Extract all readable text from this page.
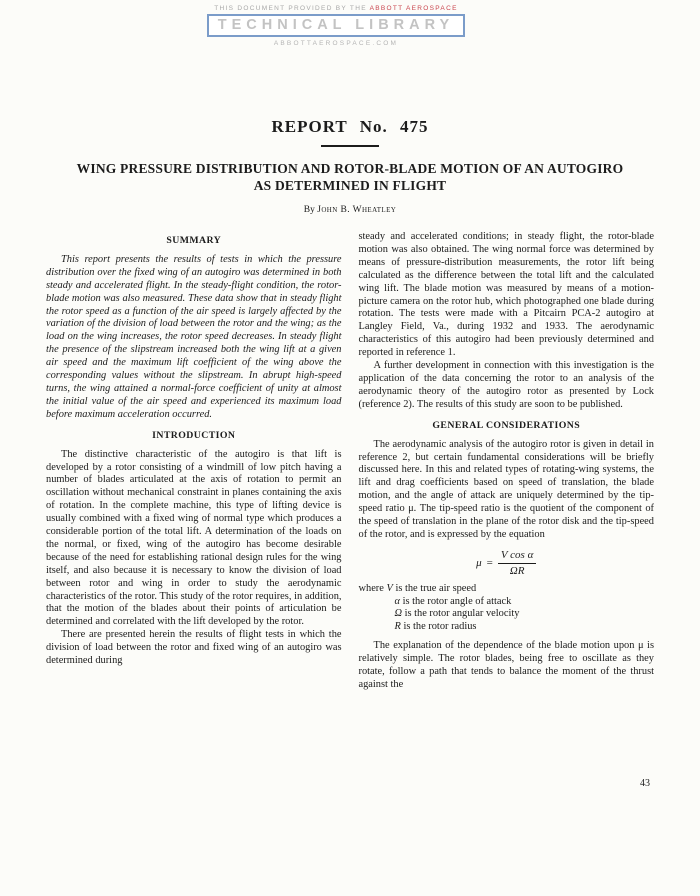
THIS DOCUMENT PROVIDED BY THE ABBOTT AEROSPACE
TECHNICAL LIBRARY
ABBOTTAEROSPACE.COM
REPORT No. 475
WING PRESSURE DISTRIBUTION AND ROTOR-BLADE MOTION OF AN AUTOGIRO
AS DETERMINED IN FLIGHT
By John B. Wheatley
SUMMARY

This report presents the results of tests in which the pressure distribution over the fixed wing of an autogiro was determined in both steady and accelerated flight. In the steady-flight condition, the rotor-blade motion was also measured. These data show that in steady flight the rotor speed as a function of the air speed is largely affected by the variation of the division of load between the rotor and the wing; as the load on the wing increases, the rotor speed decreases. In steady flight the presence of the slipstream increased both the wing lift at a given air speed and the maximum lift coefficient of the wing above the corresponding values without the slipstream. In abrupt high-speed turns, the wing attained a normal-force coefficient of unity at almost the initial value of the air speed and experienced its maximum load before maximum acceleration occurred.

INTRODUCTION

The distinctive characteristic of the autogiro is that lift is developed by a rotor consisting of a windmill of low pitch having a number of blades articulated at the axis of rotation to permit an oscillation without mechanical constraint in planes containing the axis of rotation. In the complete machine, this type of lifting device is usually combined with a fixed wing of normal type which produces a considerable portion of the total lift. A determination of the loads on the normal, or fixed, wing of the autogiro has become desirable because of the need for establishing rational design rules for the wing itself, and also because it is necessary to know the division of load between rotor and wing in order to study the aerodynamic characteristics of the rotor. This study of the rotor requires, in addition, that the motion of the blades about their points of articulation be determined and correlated with the lift developed by the rotor.

There are presented herein the results of flight tests in which the division of load between the rotor and fixed wing of an autogiro was determined during

steady and accelerated conditions; in steady flight, the rotor-blade motion was also obtained. The wing normal force was determined by means of pressure-distribution measurements, the rotor lift being calculated as the difference between the total lift and the calculated wing lift. The blade motion was measured by means of a motion-picture camera on the rotor hub, which photographed one blade during rotation. The tests were made with a Pitcairn PCA-2 autogiro at Langley Field, Va., during 1932 and 1933. The aerodynamic characteristics of this autogiro had been previously determined and reported in reference 1.

A further development in connection with this investigation is the application of the data concerning the rotor to an analysis of the aerodynamic theory of the autogiro rotor as presented by Lock (reference 2). The results of this study are soon to be published.

GENERAL CONSIDERATIONS

The aerodynamic analysis of the autogiro rotor is given in detail in reference 2, but certain fundamental considerations will be briefly discussed here. In this and related types of rotating-wing systems, the lift and drag coefficients based on speed of translation, the blade motion, and the angle of attack are uniquely determined by the tip-speed ratio μ. The tip-speed ratio is the quotient of the component of the speed of translation in the plane of the rotor disk and the tip-speed of the rotor, and is expressed by the equation

$\mu = \frac{\text{V cos α}}{\Omega R}$
where V is the true air speed
α is the rotor angle of attack
Ω is the rotor angular velocity
R is the rotor radius

The explanation of the dependence of the blade motion upon μ is relatively simple. The rotor blades, being free to oscillate as they rotate, follow a path that tends to balance the moment of the thrust against the

43
